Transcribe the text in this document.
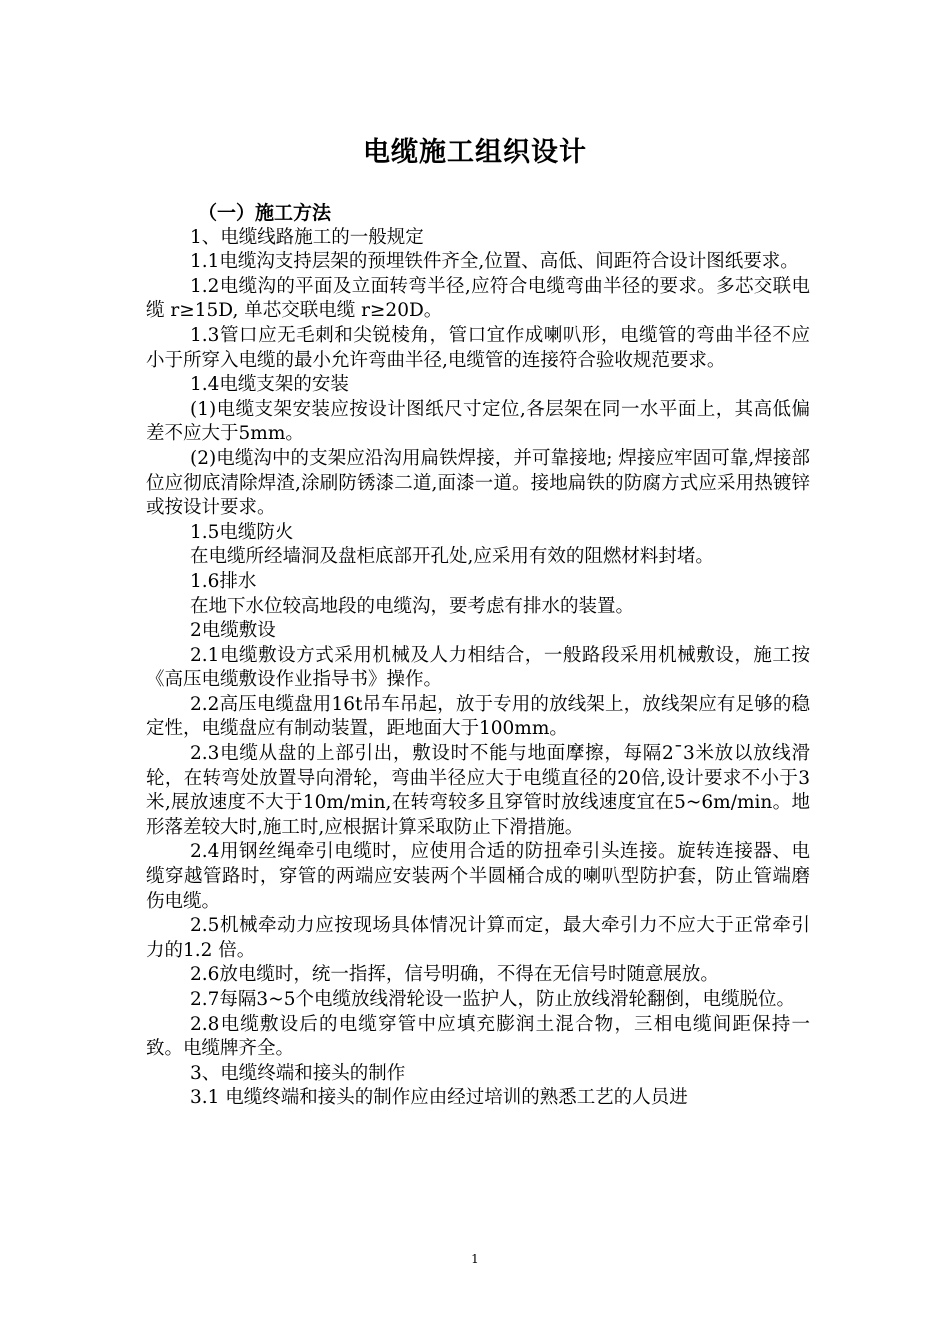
电缆施工组织设计

（一）施工方法

1、电缆线路施工的一般规定

1.1电缆沟支持层架的预埋铁件齐全,位置、高低、间距符合设计图纸要求。

1.2电缆沟的平面及立面转弯半径,应符合电缆弯曲半径的要求。多芯交联电缆 r≥15D, 单芯交联电缆 r≥20D。

1.3管口应无毛刺和尖锐棱角，管口宜作成喇叭形，电缆管的弯曲半径不应小于所穿入电缆的最小允许弯曲半径,电缆管的连接符合验收规范要求。

1.4电缆支架的安装

(1)电缆支架安装应按设计图纸尺寸定位,各层架在同一水平面上，其高低偏差不应大于5mm。

(2)电缆沟中的支架应沿沟用扁铁焊接，并可靠接地; 焊接应牢固可靠,焊接部位应彻底清除焊渣,涂刷防锈漆二道,面漆一道。接地扁铁的防腐方式应采用热镀锌或按设计要求。

1.5电缆防火

在电缆所经墙洞及盘柜底部开孔处,应采用有效的阻燃材料封堵。

1.6排水

在地下水位较高地段的电缆沟，要考虑有排水的装置。

2电缆敷设

2.1电缆敷设方式采用机械及人力相结合，一般路段采用机械敷设，施工按《高压电缆敷设作业指导书》操作。

2.2高压电缆盘用16t吊车吊起，放于专用的放线架上，放线架应有足够的稳定性，电缆盘应有制动装置，距地面大于100mm。

2.3电缆从盘的上部引出，敷设时不能与地面摩擦，每隔2¯3米放以放线滑轮，在转弯处放置导向滑轮，弯曲半径应大于电缆直径的20倍,设计要求不小于3米,展放速度不大于10m/min,在转弯较多且穿管时放线速度宜在5~6m/min。地形落差较大时,施工时,应根据计算采取防止下滑措施。

2.4用钢丝绳牵引电缆时，应使用合适的防扭牵引头连接。旋转连接器、电缆穿越管路时，穿管的两端应安装两个半圆桶合成的喇叭型防护套，防止管端磨伤电缆。

2.5机械牵动力应按现场具体情况计算而定，最大牵引力不应大于正常牵引力的1.2 倍。

2.6放电缆时，统一指挥，信号明确，不得在无信号时随意展放。

2.7每隔3~5个电缆放线滑轮设一监护人，防止放线滑轮翻倒，电缆脱位。

2.8电缆敷设后的电缆穿管中应填充膨润土混合物，三相电缆间距保持一致。电缆牌齐全。

3、电缆终端和接头的制作

3.1 电缆终端和接头的制作应由经过培训的熟悉工艺的人员进

1
